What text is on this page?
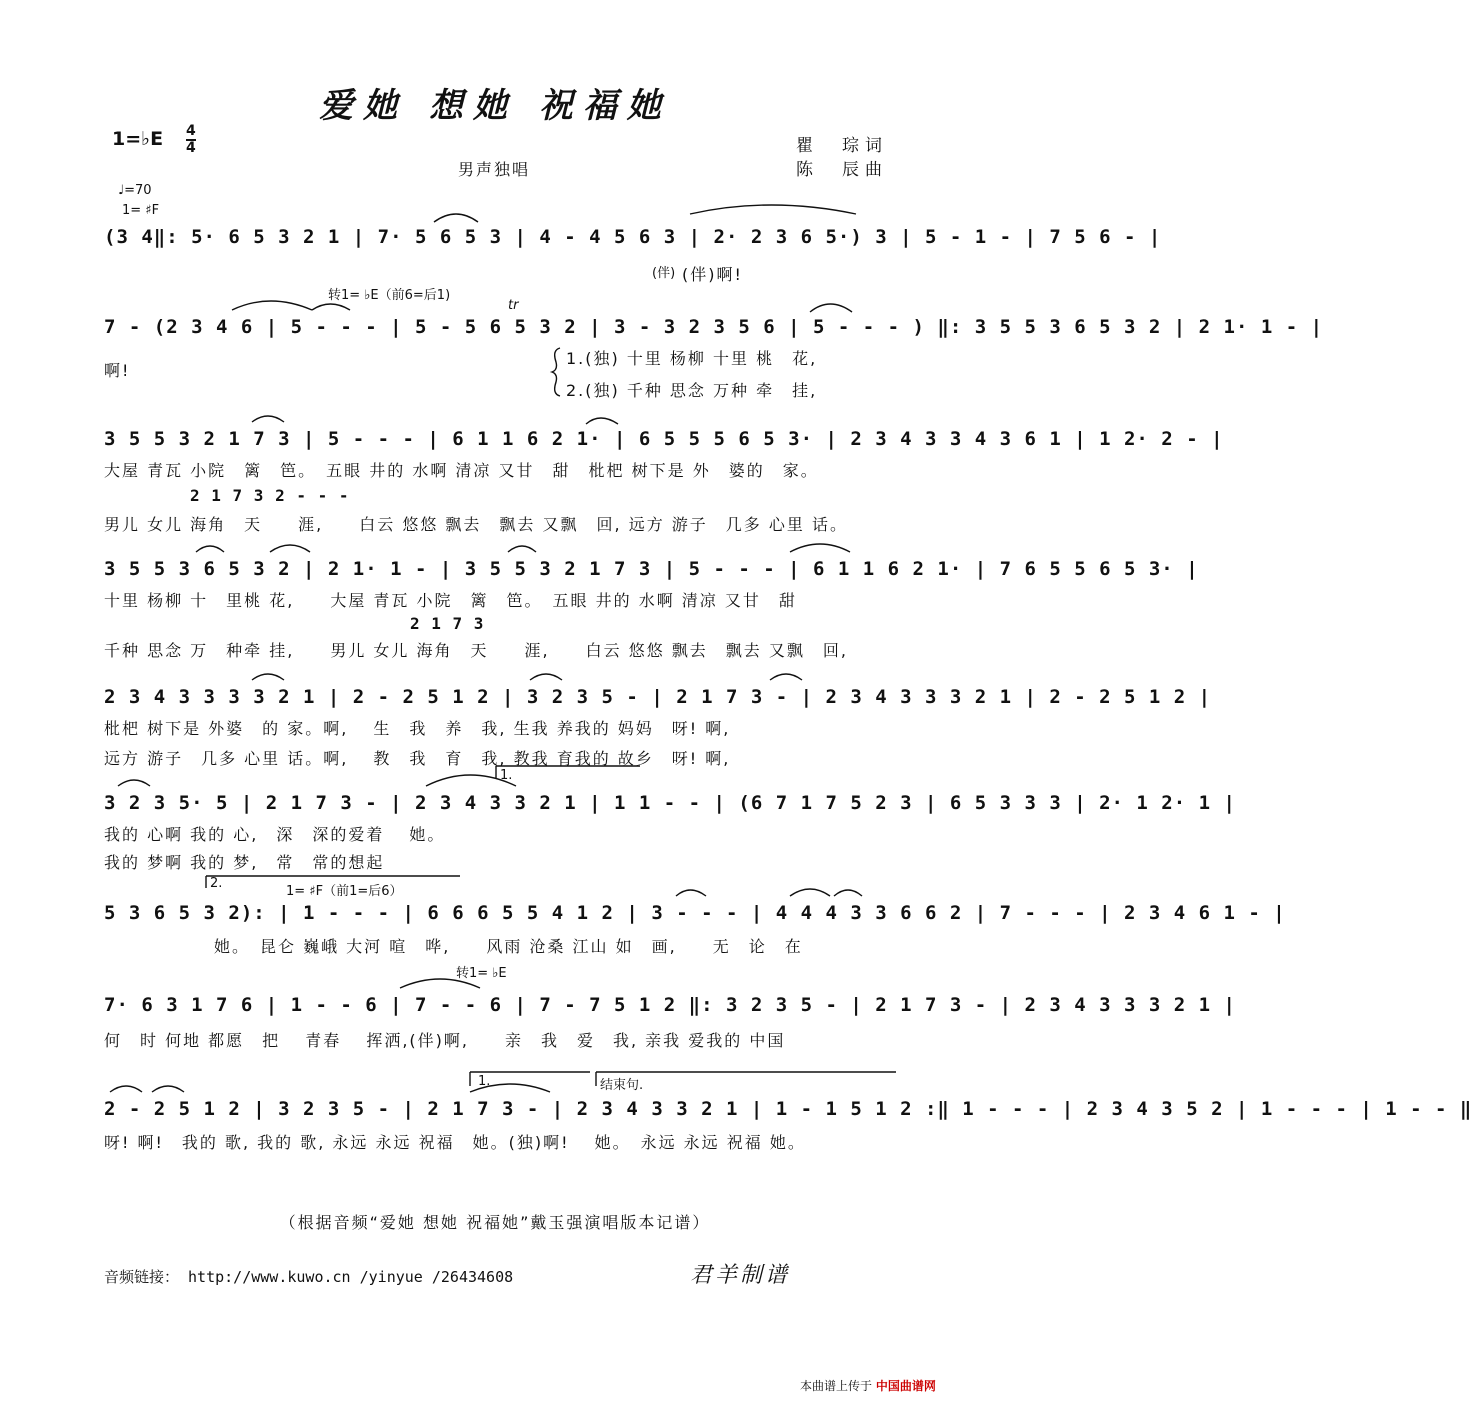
爱她 想她 祝福她
1=♭E 4
4	瞿　琮词
陈　辰曲
男声独唱
♩=70
1= ♯F
转1= ♭E（前6=后1)
(伴)
tr
1.
2.
1= ♯F（前1=后6）
转1= ♭E
1.	结束句.
(3 4‖: 5· 6 5 3 2 1 | 7· 5 6 5 3 | 4 - 4 5 6 3 | 2· 2 3 6 5·) 3 | 5 - 1 - | 7 5 6 - |
(伴)啊!
7 - (2 3 4 6 | 5 - - - | 5 - 5 6 5 3 2 | 3 - 3 2 3 5 6 | 5 - - - ) ‖: 3 5 5 3 6 5 3 2 | 2 1· 1 - |
啊!
1.(独) 十里 杨柳 十里 桃　花,
2.(独) 千种 思念 万种 牵　挂,
3 5 5 3 2 1 7 3 | 5 - - - | 6 1 1 6 2 1· | 6 5 5 5 6 5 3· | 2 3 4 3 3 4 3 6 1 | 1 2· 2 - |
大屋 青瓦 小院　篱　笆。　五眼 井的 水啊 清凉 又甘　甜　枇杷 树下是 外　婆的　家。
2 1 7 3 2 - - -
男儿 女儿 海角　天　　涯,　　白云 悠悠 飘去　飘去 又飘　回, 远方 游子　几多 心里 话。
3 5 5 3 6 5 3 2 | 2 1· 1 - | 3 5 5 3 2 1 7 3 | 5 - - - | 6 1 1 6 2 1· | 7 6 5 5 6 5 3· |
十里 杨柳 十　里桃 花,　　大屋 青瓦 小院　篱　笆。　五眼 井的 水啊 清凉 又甘　甜
2 1 7 3
千种 思念 万　种牵 挂,　　男儿 女儿 海角　天　　涯,　　白云 悠悠 飘去　飘去 又飘　回,
2 3 4 3 3 3 3 2 1 | 2 - 2 5 1 2 | 3 2 3 5 - | 2 1 7 3 - | 2 3 4 3 3 3 2 1 | 2 - 2 5 1 2 |
枇杷 树下是 外婆　的 家。啊,　 生　我　养　我, 生我 养我的 妈妈　呀! 啊,
远方 游子　几多 心里 话。啊,　 教　我　育　我, 教我 育我的 故乡　呀! 啊,
3 2 3 5· 5 | 2 1 7 3 - | 2 3 4 3 3 2 1 | 1 1 - - | (6 7 1 7 5 2 3 | 6 5 3 3 3 | 2· 1 2· 1 |
我的 心啊 我的 心,　深　深的爱着　 她。
我的 梦啊 我的 梦,　常　常的想起
5 3 6 5 3 2): | 1 - - - | 6 6 6 5 5 4 1 2 | 3 - - - | 4 4 4 3 3 6 6 2 | 7 - - - | 2 3 4 6 1 - |
她。　昆仑 巍峨 大河 喧　哗,　　风雨 沧桑 江山 如　画,　　无　论　在
7· 6 3 1 7 6 | 1 - - 6 | 7 - - 6 | 7 - 7 5 1 2 ‖: 3 2 3 5 - | 2 1 7 3 - | 2 3 4 3 3 3 2 1 |
何　时 何地 都愿　把　 青春　 挥洒,(伴)啊,　　亲　我　爱　我, 亲我 爱我的 中国
2 - 2 5 1 2 | 3 2 3 5 - | 2 1 7 3 - | 2 3 4 3 3 2 1 | 1 - 1 5 1 2 :‖ 1 - - - | 2 3 4 3 5 2 | 1 - - - | 1 - - ‖
呀! 啊!　我的 歌, 我的 歌, 永远 永远 祝福　她。(独)啊!　 她。　永远 永远 祝福 她。
（根据音频“爱她 想她 祝福她”戴玉强演唱版本记谱）
音频链接： http://www.kuwo.cn /yinyue /26434608	君羊制谱
本曲谱上传于 中国曲谱网
